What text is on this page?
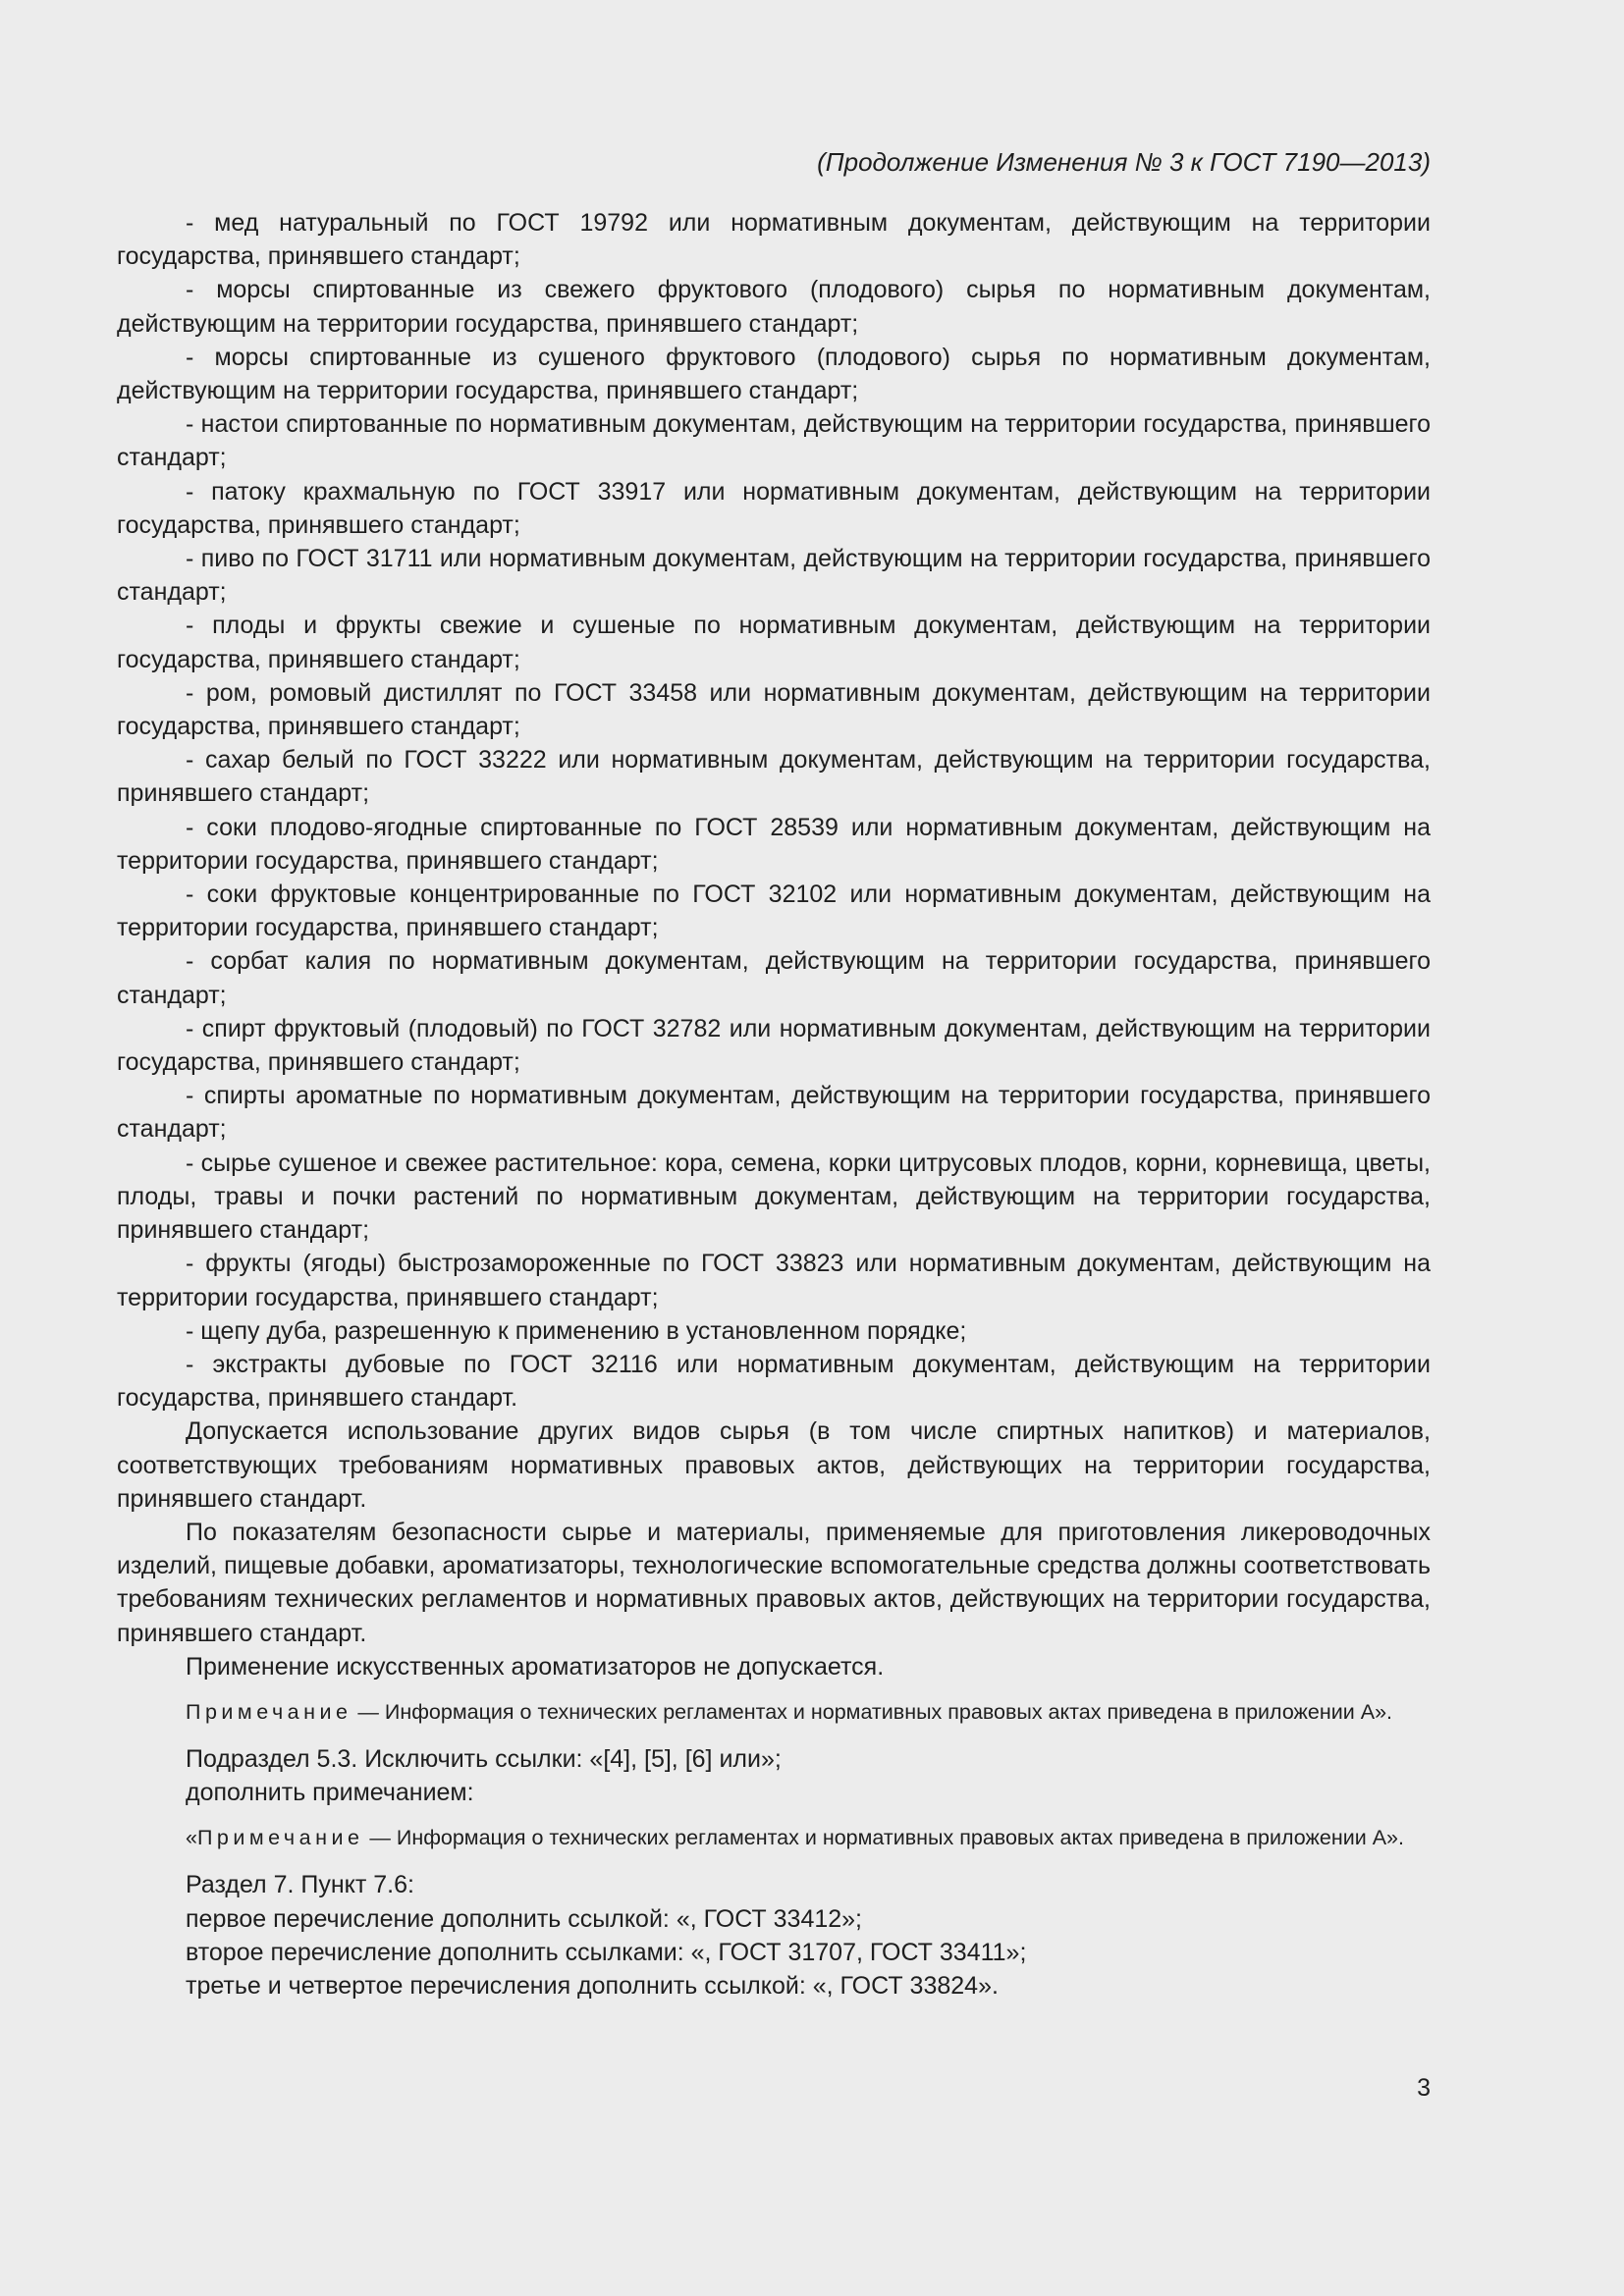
(Продолжение Изменения № 3 к ГОСТ 7190—2013)

- мед натуральный по ГОСТ 19792 или нормативным документам, действующим на территории государства, принявшего стандарт;

- морсы спиртованные из свежего фруктового (плодового) сырья по нормативным документам, действующим на территории государства, принявшего стандарт;

- морсы спиртованные из сушеного фруктового (плодового) сырья по нормативным документам, действующим на территории государства, принявшего стандарт;

- настои спиртованные по нормативным документам, действующим на территории государства, принявшего стандарт;

- патоку крахмальную по ГОСТ 33917 или нормативным документам, действующим на территории государства, принявшего стандарт;

- пиво по ГОСТ 31711 или нормативным документам, действующим на территории государства, принявшего стандарт;

- плоды и фрукты свежие и сушеные по нормативным документам, действующим на территории государства, принявшего стандарт;

- ром, ромовый дистиллят по ГОСТ 33458 или нормативным документам, действующим на территории государства, принявшего стандарт;

- сахар белый по ГОСТ 33222 или нормативным документам, действующим на территории государства, принявшего стандарт;

- соки плодово-ягодные спиртованные по ГОСТ 28539 или нормативным документам, действующим на территории государства, принявшего стандарт;

- соки фруктовые концентрированные по ГОСТ 32102 или нормативным документам, действующим на территории государства, принявшего стандарт;

- сорбат калия по нормативным документам, действующим на территории государства, принявшего стандарт;

- спирт фруктовый (плодовый) по ГОСТ 32782 или нормативным документам, действующим на территории государства, принявшего стандарт;

- спирты ароматные по нормативным документам, действующим на территории государства, принявшего стандарт;

- сырье сушеное и свежее растительное: кора, семена, корки цитрусовых плодов, корни, корневища, цветы, плоды, травы и почки растений по нормативным документам, действующим на территории государства, принявшего стандарт;

- фрукты (ягоды) быстрозамороженные по ГОСТ 33823 или нормативным документам, действующим на территории государства, принявшего стандарт;

- щепу дуба, разрешенную к применению в установленном порядке;

- экстракты дубовые по ГОСТ 32116 или нормативным документам, действующим на территории государства, принявшего стандарт.

Допускается использование других видов сырья (в том числе спиртных напитков) и материалов, соответствующих требованиям нормативных правовых актов, действующих на территории государства, принявшего стандарт.

По показателям безопасности сырье и материалы, применяемые для приготовления ликероводочных изделий, пищевые добавки, ароматизаторы, технологические вспомогательные средства должны соответствовать требованиям технических регламентов и нормативных правовых актов, действующих на территории государства, принявшего стандарт.

Применение искусственных ароматизаторов не допускается.

Примечание — Информация о технических регламентах и нормативных правовых актах приведена в приложении А».

Подраздел 5.3. Исключить ссылки: «[4], [5], [6] или»;

дополнить примечанием:

«Примечание — Информация о технических регламентах и нормативных правовых актах приведена в приложении А».

Раздел 7. Пункт 7.6:

первое перечисление дополнить ссылкой: «, ГОСТ 33412»;

второе перечисление дополнить ссылками: «, ГОСТ 31707, ГОСТ 33411»;

третье и четвертое перечисления дополнить ссылкой: «, ГОСТ 33824».

3
